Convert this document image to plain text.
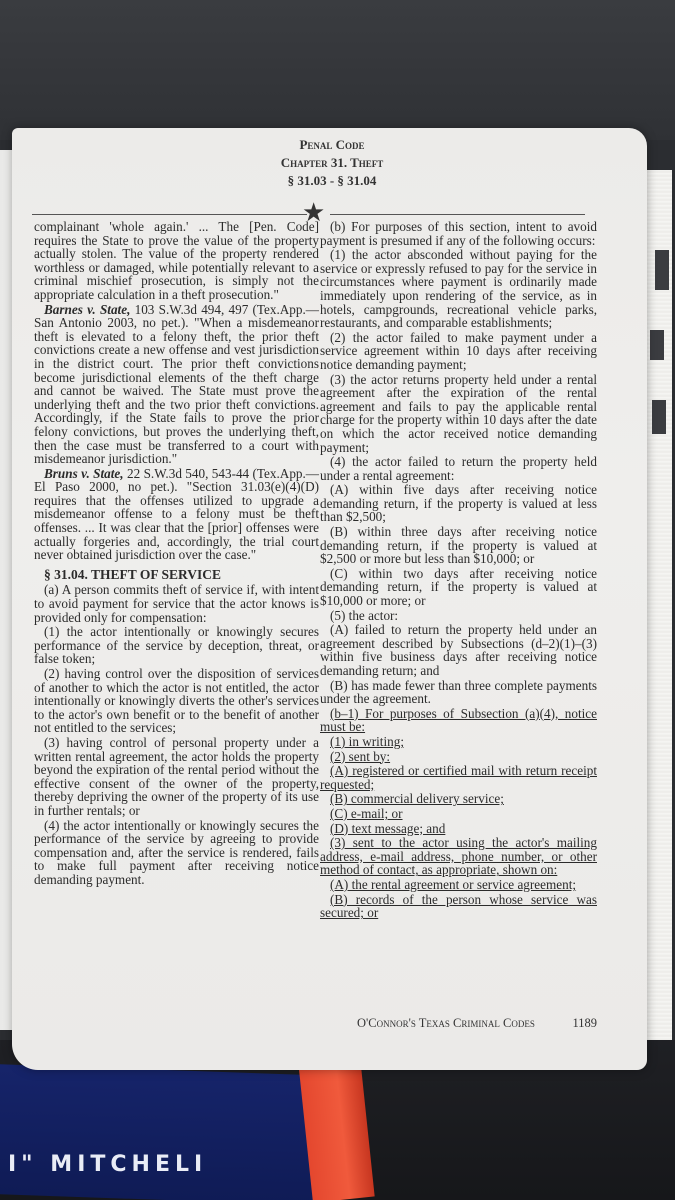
I" MITCHELI
Penal Code
Chapter 31. Theft
§ 31.03 - § 31.04
★

complainant 'whole again.' ... The [Pen. Code] requires the State to prove the value of the property actually stolen. The value of the property rendered worthless or damaged, while potentially relevant to a criminal mischief prosecution, is simply not the appropriate calculation in a theft prosecution."

Barnes v. State, 103 S.W.3d 494, 497 (Tex.App.—San Antonio 2003, no pet.). "When a misdemeanor theft is elevated to a felony theft, the prior theft convictions create a new offense and vest jurisdiction in the district court. The prior theft convictions become jurisdictional elements of the theft charge and cannot be waived. The State must prove the underlying theft and the two prior theft convictions. Accordingly, if the State fails to prove the prior felony convictions, but proves the underlying theft, then the case must be transferred to a court with misdemeanor jurisdiction."

Bruns v. State, 22 S.W.3d 540, 543-44 (Tex.App.—El Paso 2000, no pet.). "Section 31.03(e)(4)(D) requires that the offenses utilized to upgrade a misdemeanor offense to a felony must be theft offenses. ... It was clear that the [prior] offenses were actually forgeries and, accordingly, the trial court never obtained jurisdiction over the case."

§ 31.04. THEFT OF SERVICE

(a) A person commits theft of service if, with intent to avoid payment for service that the actor knows is provided only for compensation:

(1) the actor intentionally or knowingly secures performance of the service by deception, threat, or false token;

(2) having control over the disposition of services of another to which the actor is not entitled, the actor intentionally or knowingly diverts the other's services to the actor's own benefit or to the benefit of another not entitled to the services;

(3) having control of personal property under a written rental agreement, the actor holds the property beyond the expiration of the rental period without the effective consent of the owner of the property, thereby depriving the owner of the property of its use in further rentals; or

(4) the actor intentionally or knowingly secures the performance of the service by agreeing to provide compensation and, after the service is rendered, fails to make full payment after receiving notice demanding payment.

(b) For purposes of this section, intent to avoid payment is presumed if any of the following occurs:

(1) the actor absconded without paying for the service or expressly refused to pay for the service in circumstances where payment is ordinarily made immediately upon rendering of the service, as in hotels, campgrounds, recreational vehicle parks, restaurants, and comparable establishments;

(2) the actor failed to make payment under a service agreement within 10 days after receiving notice demanding payment;

(3) the actor returns property held under a rental agreement after the expiration of the rental agreement and fails to pay the applicable rental charge for the property within 10 days after the date on which the actor received notice demanding payment;

(4) the actor failed to return the property held under a rental agreement:

(A) within five days after receiving notice demanding return, if the property is valued at less than $2,500;

(B) within three days after receiving notice demanding return, if the property is valued at $2,500 or more but less than $10,000; or

(C) within two days after receiving notice demanding return, if the property is valued at $10,000 or more; or

(5) the actor:

(A) failed to return the property held under an agreement described by Subsections (d–2)(1)–(3) within five business days after receiving notice demanding return; and

(B) has made fewer than three complete payments under the agreement.

(b–1) For purposes of Subsection (a)(4), notice must be:

(1) in writing;

(2) sent by:

(A) registered or certified mail with return receipt requested;

(B) commercial delivery service;

(C) e-mail; or

(D) text message; and

(3) sent to the actor using the actor's mailing address, e-mail address, phone number, or other method of contact, as appropriate, shown on:

(A) the rental agreement or service agreement;

(B) records of the person whose service was secured; or

O'Connor's Texas Criminal Codes	1189
